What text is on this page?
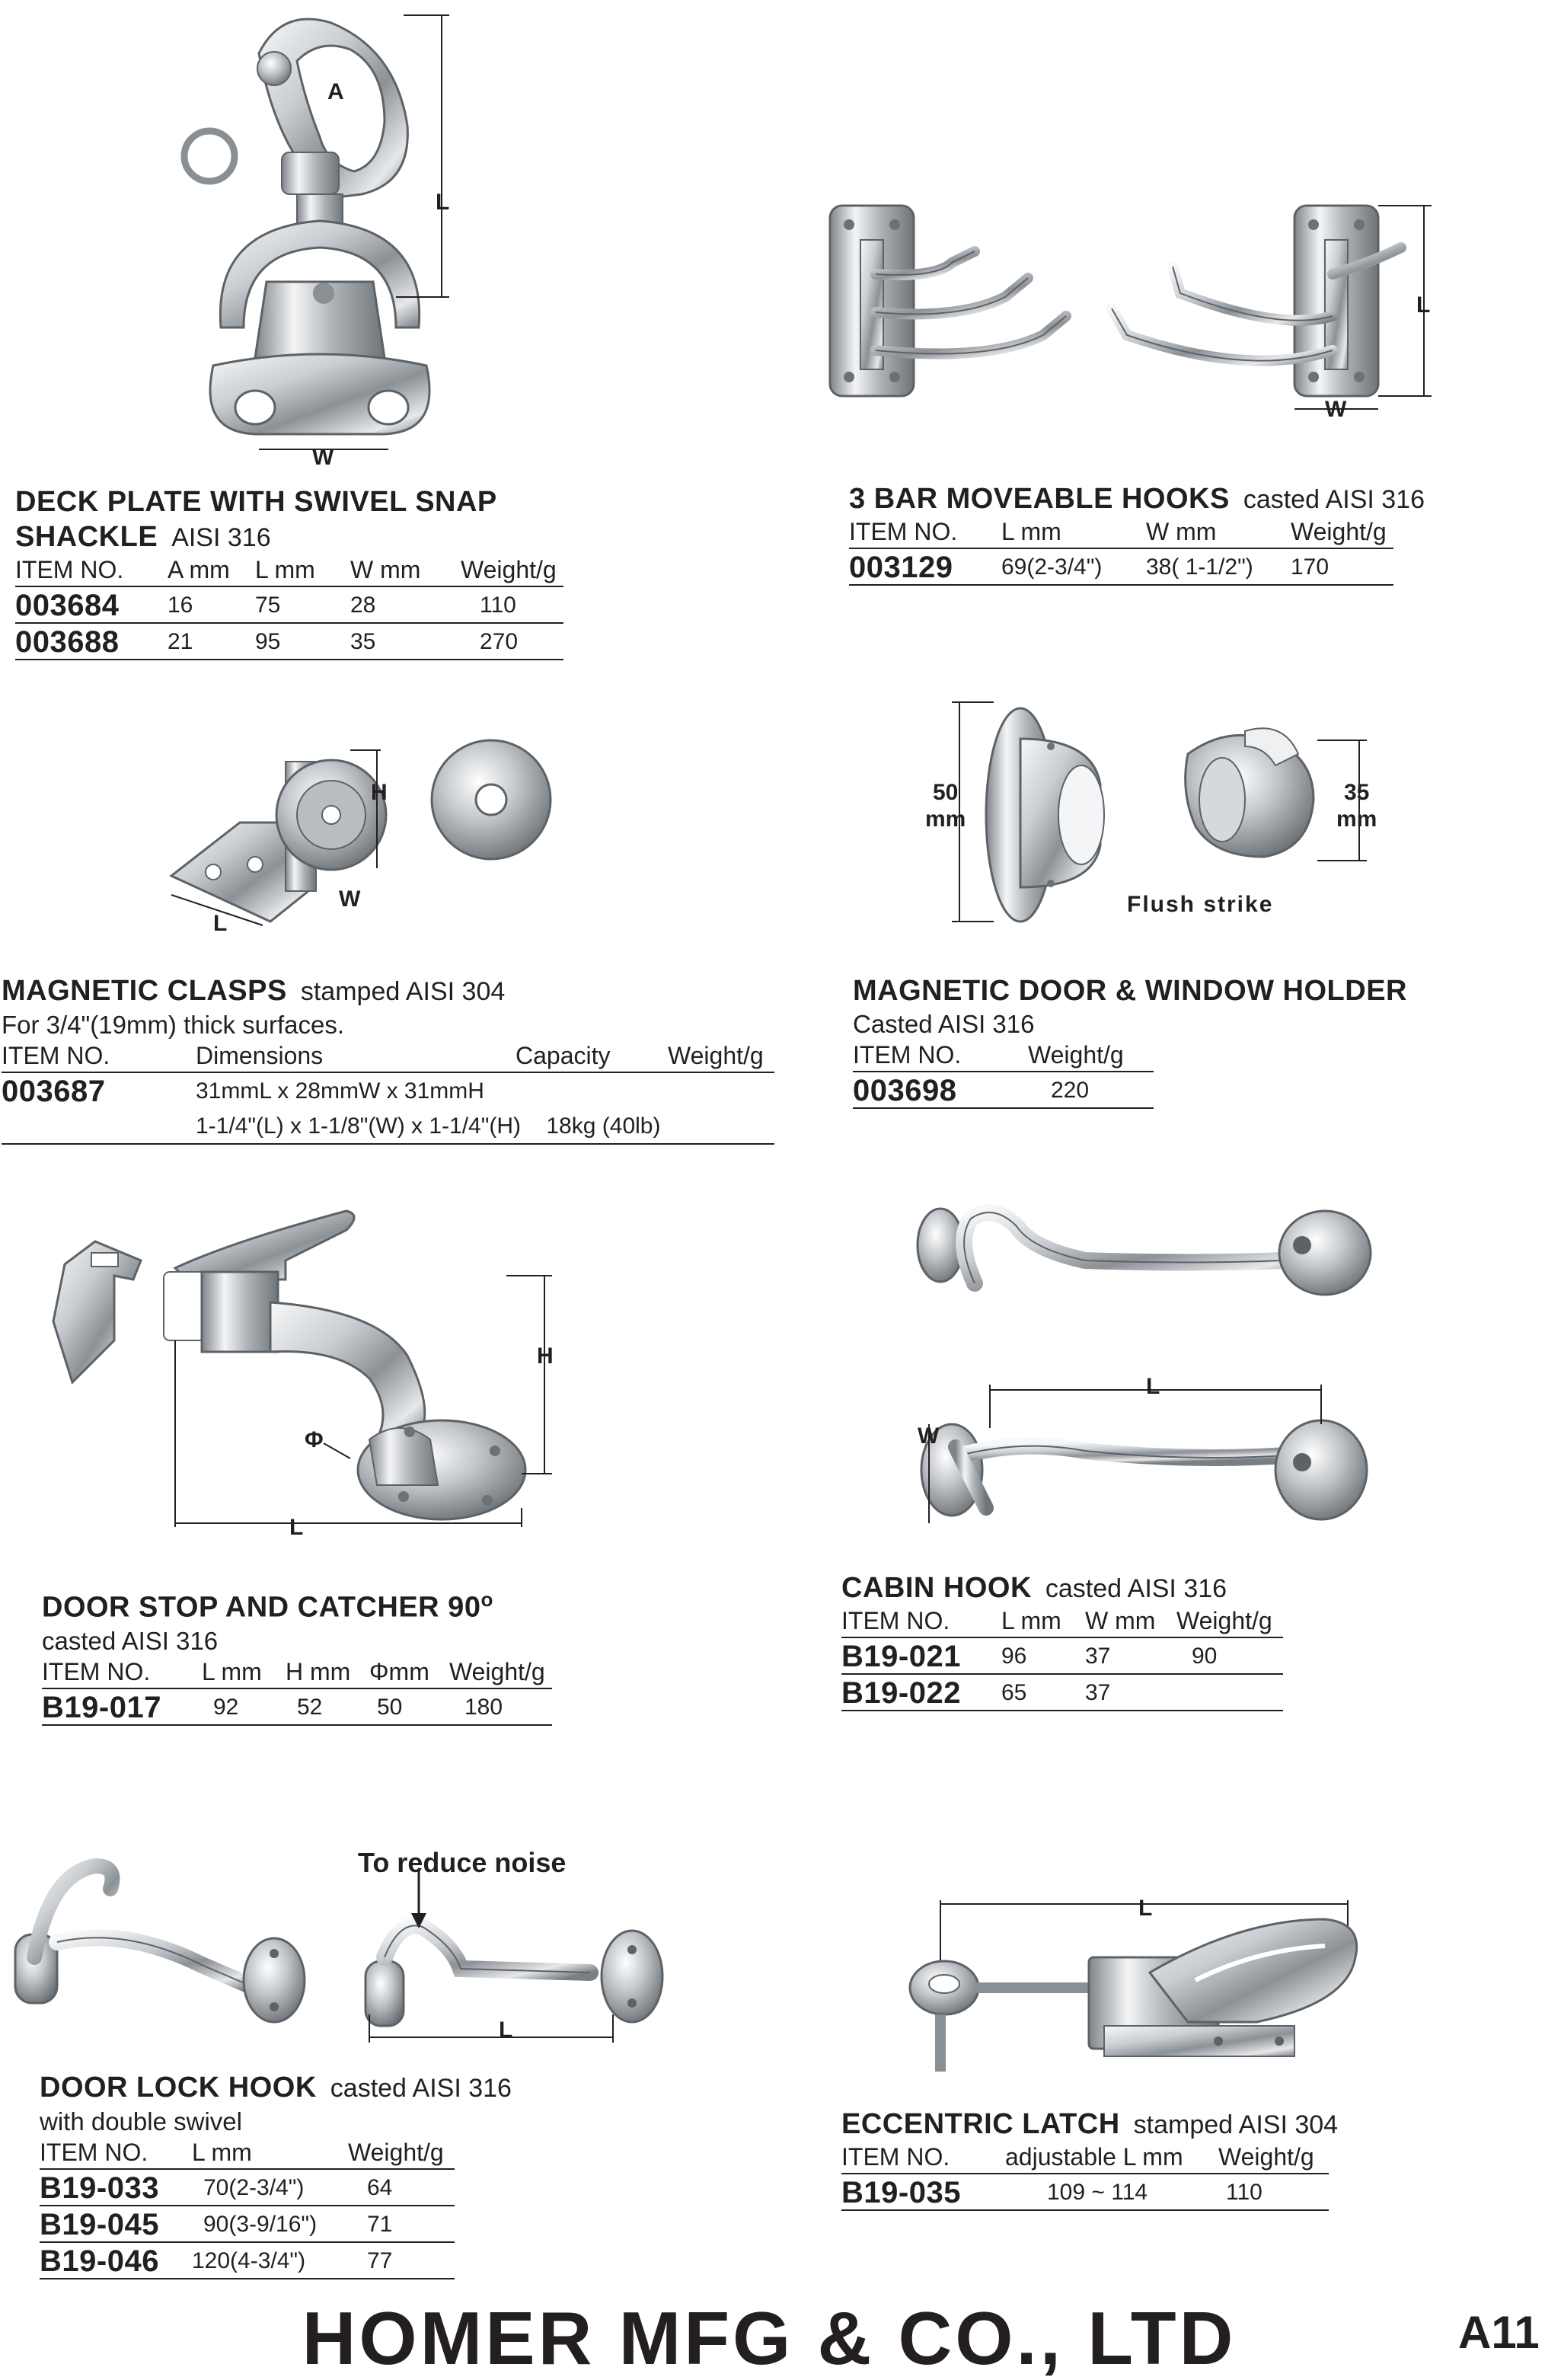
A
L
W
L
W
H
W
L
50
mm
35
mm
Flush strike
H
L
Φ
L
W
L
To reduce noise
L
DECK PLATE WITH SWIVEL SNAP
SHACKLE AISI 316
ITEM NO.	A mm	L mm	W mm	Weight/g
003684	16	75	28	110
003688	21	95	35	270
3 BAR MOVEABLE HOOKS casted AISI 316
ITEM NO.	L mm	W mm	Weight/g
003129	69(2-3/4")	38( 1-1/2")	170
MAGNETIC CLASPS stamped AISI 304
For 3/4"(19mm) thick surfaces.
ITEM NO.	Dimensions	Capacity	Weight/g
003687	31mmL x 28mmW x 31mmH		
	1-1/4"(L) x 1-1/8"(W) x 1-1/4"(H) 18kg (40lb)		
MAGNETIC DOOR & WINDOW HOLDER
Casted AISI 316
ITEM NO.	Weight/g
003698	220
DOOR STOP AND CATCHER 90$^o$
casted AISI 316
ITEM NO.	L mm	H mm	Φmm	Weight/g
B19-017	92	52	50	180
CABIN HOOK casted AISI 316
ITEM NO.	L mm	W mm	Weight/g
B19-021	96	37	90
B19-022	65	37	
DOOR LOCK HOOK casted AISI 316
with double swivel
ITEM NO.	L mm	Weight/g
B19-033	70(2-3/4")	64
B19-045	90(3-9/16")	71
B19-046	120(4-3/4")	77
ECCENTRIC LATCH stamped AISI 304
ITEM NO.	adjustable L mm	Weight/g
B19-035	109 ~ 114	110
HOMER MFG & CO., LTD	A11
